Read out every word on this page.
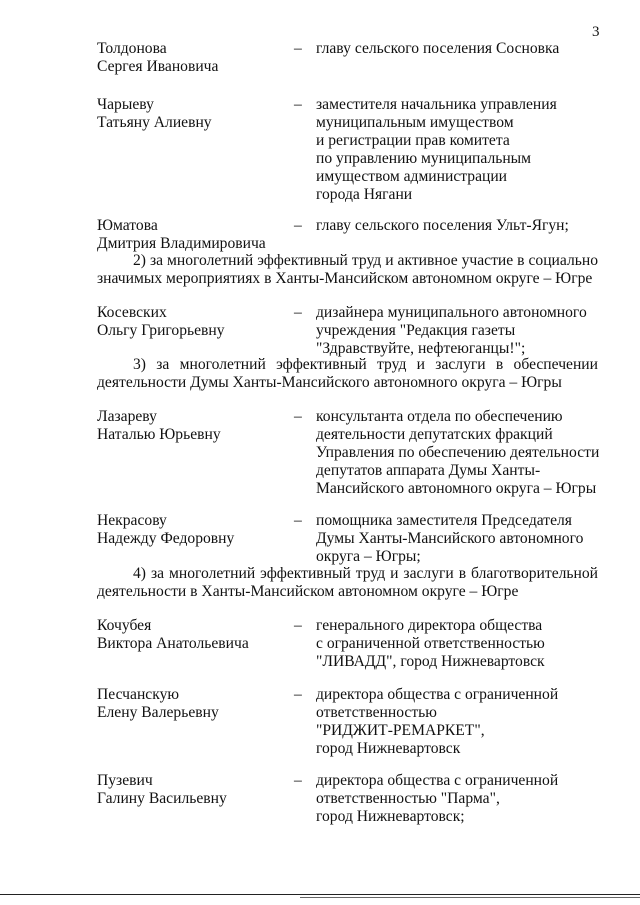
3
Толдонова
Сергея Ивановича
– главу сельского поселения Сосновка
Чарыеву
Татьяну Алиевну
– заместителя начальника управления
муниципальным имуществом
и регистрации прав комитета
по управлению муниципальным
имуществом администрации
города Нягани
Юматова
Дмитрия Владимировича
– главу сельского поселения Ульт-Ягун;
2) за многолетний эффективный труд и активное участие в социально
значимых мероприятиях в Ханты-Мансийском автономном округе – Югре
Косевских
Ольгу Григорьевну
– дизайнера муниципального автономного
учреждения "Редакция газеты
"Здравствуйте, нефтеюганцы!";
3) за многолетний эффективный труд и заслуги в обеспечении
деятельности Думы Ханты-Мансийского автономного округа – Югры
Лазареву
Наталью Юрьевну
– консультанта отдела по обеспечению
деятельности депутатских фракций
Управления по обеспечению деятельности
депутатов аппарата Думы Ханты-
Мансийского автономного округа – Югры
Некрасову
Надежду Федоровну
– помощника заместителя Председателя
Думы Ханты-Мансийского автономного
округа – Югры;
4) за многолетний эффективный труд и заслуги в благотворительной
деятельности в Ханты-Мансийском автономном округе – Югре
Кочубея
Виктора Анатольевича
– генерального директора общества
с ограниченной ответственностью
"ЛИВАДД", город Нижневартовск
Песчанскую
Елену Валерьевну
– директора общества с ограниченной
ответственностью
"РИДЖИТ-РЕМАРКЕТ",
город Нижневартовск
Пузевич
Галину Васильевну
– директора общества с ограниченной
ответственностью "Парма",
город Нижневартовск;
